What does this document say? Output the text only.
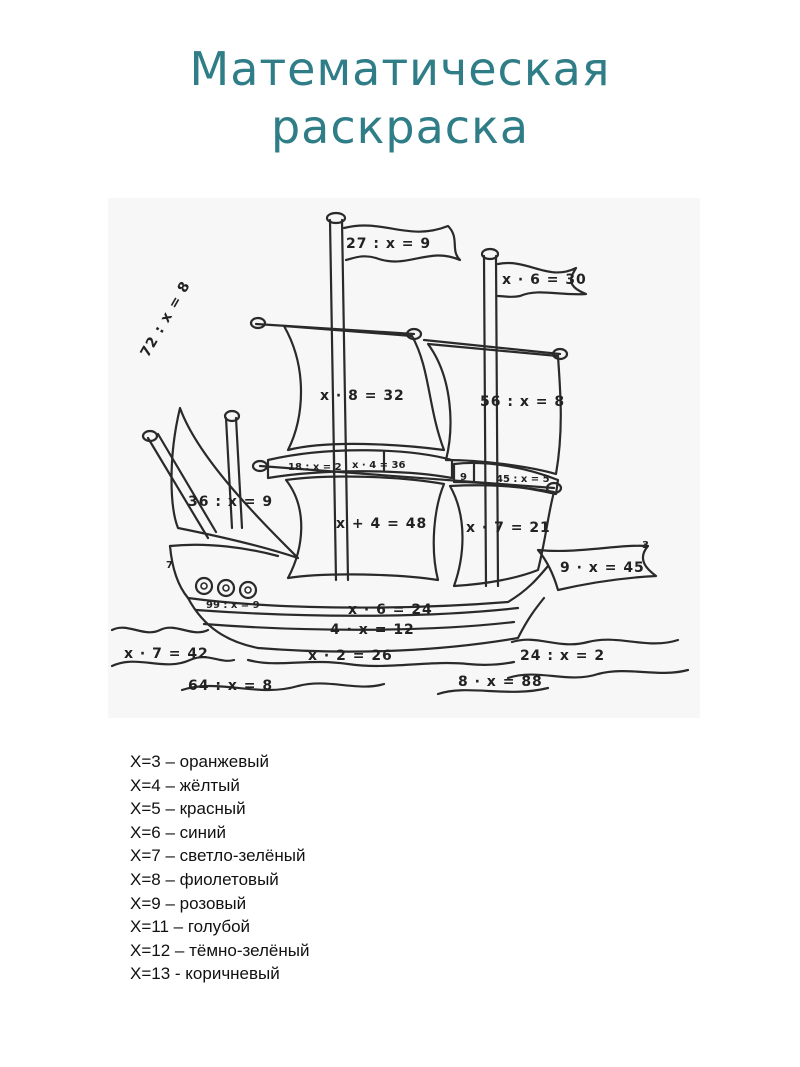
Математическая
раскраска
27 : x = 9
x · 6 = 30
72 : x = 8
x · 8 = 32	56 : x = 8
18 : x = 2 x · 4 = 36
9	45 : x = 5
36 : x = 9
x + 4 = 48	x · 7 = 21
9 · x = 45
3
7
99 : x = 9	x · 6 = 24
4 · x = 12
x · 2 = 26
x · 7 = 42	24 : x = 2
64 : x = 8	8 · x = 88
Х=3 – оранжевый
Х=4 – жёлтый
Х=5 – красный
Х=6 – синий
Х=7 – светло-зелёный
Х=8 – фиолетовый
Х=9 – розовый
Х=11 – голубой
Х=12 – тёмно-зелёный
Х=13 - коричневый
